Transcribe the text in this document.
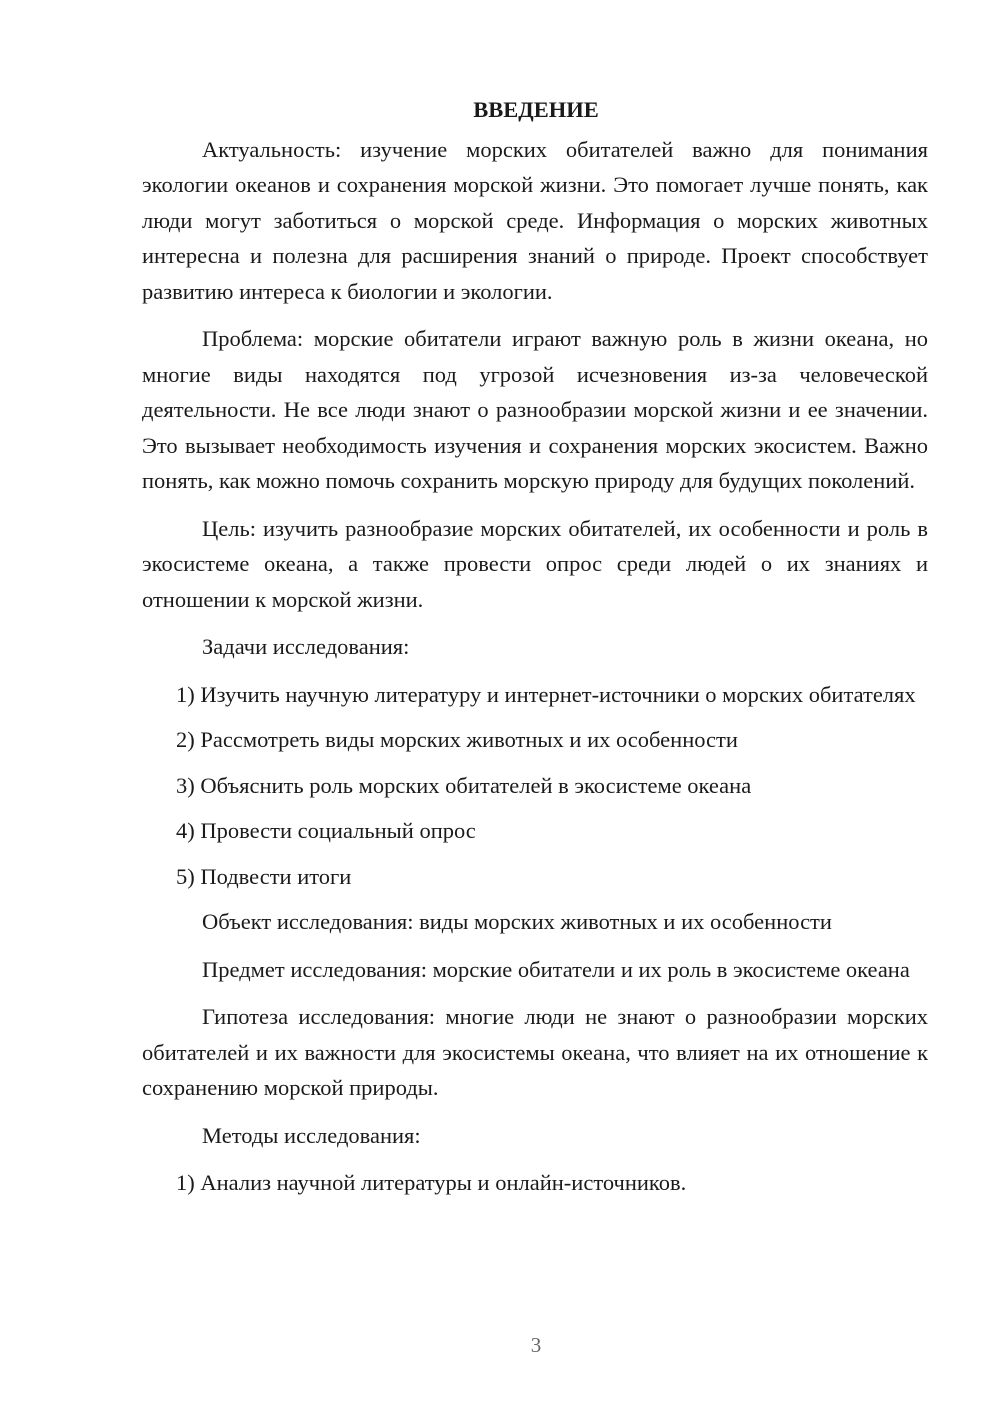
ВВЕДЕНИЕ

Актуальность: изучение морских обитателей важно для понимания экологии океанов и сохранения морской жизни. Это помогает лучше понять, как люди могут заботиться о морской среде. Информация о морских животных интересна и полезна для расширения знаний о природе. Проект способствует развитию интереса к биологии и экологии.

Проблема: морские обитатели играют важную роль в жизни океана, но многие виды находятся под угрозой исчезновения из-за человеческой деятельности. Не все люди знают о разнообразии морской жизни и ее значении. Это вызывает необходимость изучения и сохранения морских экосистем. Важно понять, как можно помочь сохранить морскую природу для будущих поколений.

Цель: изучить разнообразие морских обитателей, их особенности и роль в экосистеме океана, а также провести опрос среди людей о их знаниях и отношении к морской жизни.

Задачи исследования:

1) Изучить научную литературу и интернет-источники о морских обитателях

2) Рассмотреть виды морских животных и их особенности

3) Объяснить роль морских обитателей в экосистеме океана

4) Провести социальный опрос

5) Подвести итоги

Объект исследования: виды морских животных и их особенности

Предмет исследования: морские обитатели и их роль в экосистеме океана

Гипотеза исследования: многие люди не знают о разнообразии морских обитателей и их важности для экосистемы океана, что влияет на их отношение к сохранению морской природы.

Методы исследования:

1) Анализ научной литературы и онлайн-источников.

3
